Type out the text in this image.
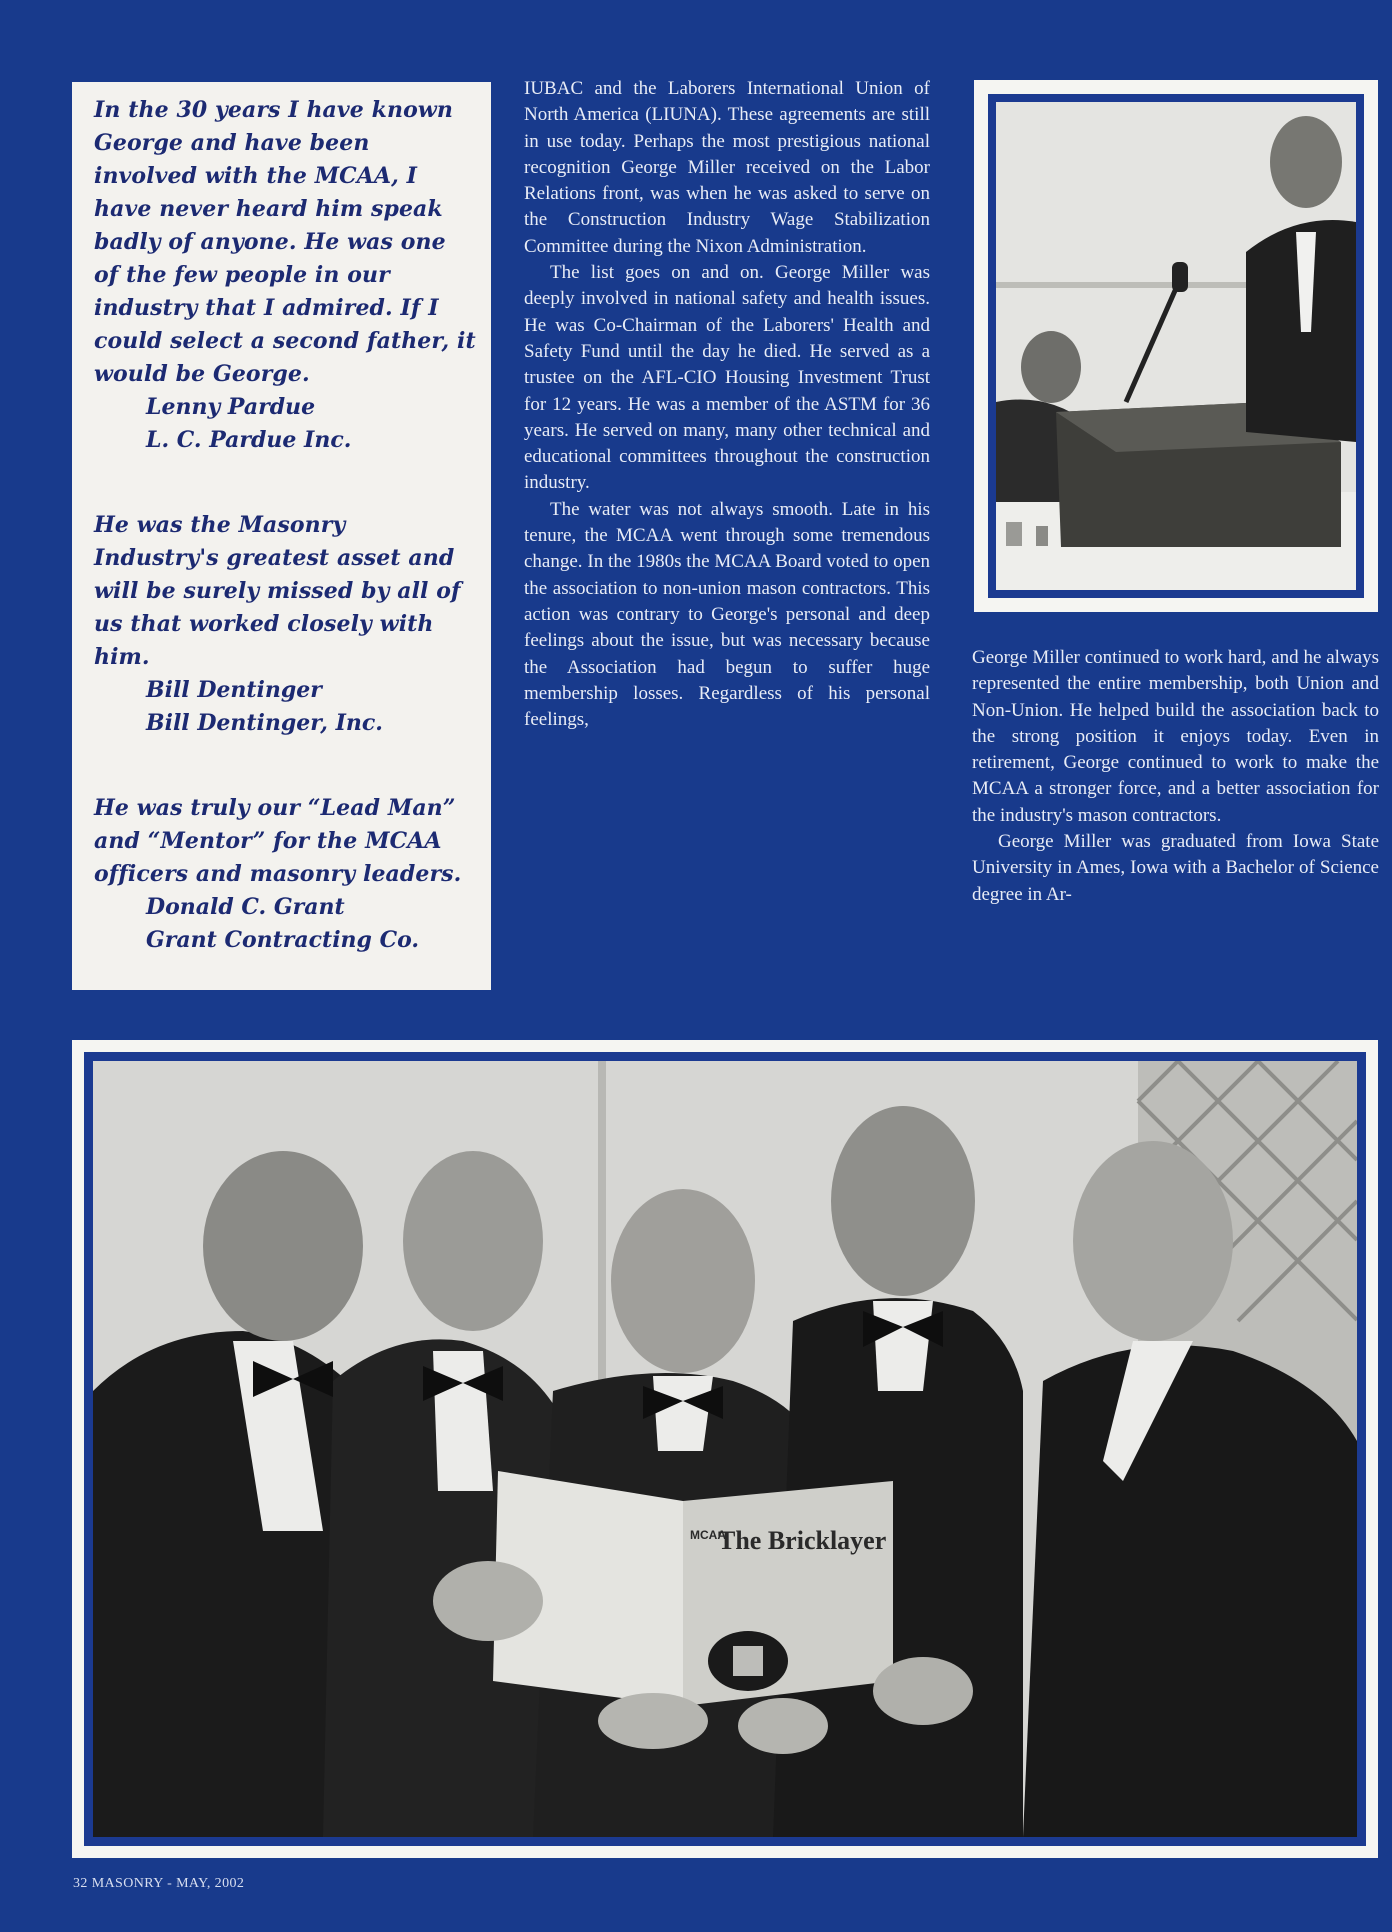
In the 30 years I have known George and have been involved with the MCAA, I have never heard him speak badly of anyone. He was one of the few people in our industry that I admired. If I could select a second father, it would be George.
Lenny Pardue
L. C. Pardue Inc.
He was the Masonry Industry's greatest asset and will be surely missed by all of us that worked closely with him.
Bill Dentinger
Bill Dentinger, Inc.
He was truly our “Lead Man” and “Mentor” for the MCAA officers and masonry leaders.
Donald C. Grant
Grant Contracting Co.

IUBAC and the Laborers International Union of North America (LIUNA). These agreements are still in use today. Perhaps the most prestigious national recognition George Miller received on the Labor Relations front, was when he was asked to serve on the Construction Industry Wage Stabilization Committee during the Nixon Administration.

The list goes on and on. George Miller was deeply involved in national safety and health issues. He was Co-Chairman of the Laborers' Health and Safety Fund until the day he died. He served as a trustee on the AFL-CIO Housing Investment Trust for 12 years. He was a member of the ASTM for 36 years. He served on many, many other technical and educational committees throughout the construction industry.

The water was not always smooth. Late in his tenure, the MCAA went through some tremendous change. In the 1980s the MCAA Board voted to open the association to non-union mason contractors. This action was contrary to George's personal and deep feelings about the issue, but was necessary because the Association had begun to suffer huge membership losses. Regardless of his personal feelings,

George Miller continued to work hard, and he always represented the entire membership, both Union and Non-Union. He helped build the association back to the strong position it enjoys today. Even in retirement, George continued to work to make the MCAA a stronger force, and a better association for the industry's mason contractors.

George Miller was graduated from Iowa State University in Ames, Iowa with a Bachelor of Science degree in Ar-

The Bricklayer
MCAA
32 MASONRY - MAY, 2002
